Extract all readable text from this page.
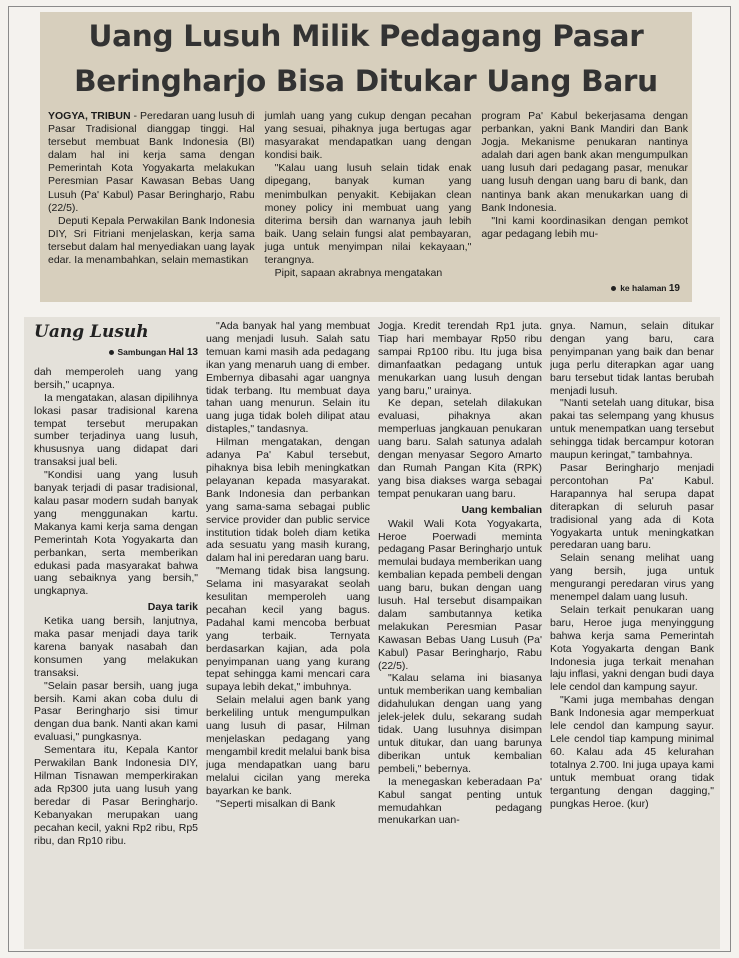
Uang Lusuh Milik Pedagang Pasar
Beringharjo Bisa Ditukar Uang Baru

YOGYA, TRIBUN - Peredaran uang lusuh di Pasar Tradisional dianggap tinggi. Hal tersebut membuat Bank Indonesia (BI) dalam hal ini kerja sama dengan Pemerintah Kota Yogyakarta melakukan Peresmian Pasar Kawasan Bebas Uang Lusuh (Pa' Kabul) Pasar Beringharjo, Rabu (22/5).

Deputi Kepala Perwakilan Bank Indonesia DIY, Sri Fitriani menjelaskan, kerja sama tersebut dalam hal menyediakan uang layak edar. Ia menambahkan, selain memastikan

jumlah uang yang cukup dengan pecahan yang sesuai, pihaknya juga bertugas agar masyarakat mendapatkan uang dengan kondisi baik.

"Kalau uang lusuh selain tidak enak dipegang, banyak kuman yang menimbulkan penyakit. Kebijakan clean money policy ini membuat uang yang diterima bersih dan warnanya jauh lebih baik. Uang selain fungsi alat pembayaran, juga untuk menyimpan nilai kekayaan," terangnya.

Pipit, sapaan akrabnya mengatakan

program Pa' Kabul bekerjasama dengan perbankan, yakni Bank Mandiri dan Bank Jogja. Mekanisme penukaran nantinya adalah dari agen bank akan mengumpulkan uang lusuh dari pedagang pasar, menukar uang lusuh dengan uang baru di bank, dan nantinya bank akan menukarkan uang di Bank Indonesia.

"Ini kami koordinasikan dengan pemkot agar pedagang lebih mu-

ke halaman 19
Uang Lusuh
Sambungan Hal 13

dah memperoleh uang yang bersih," ucapnya.

Ia mengatakan, alasan dipilihnya lokasi pasar tradisional karena tempat tersebut merupakan sumber terjadinya uang lusuh, khususnya uang didapat dari transaksi jual beli.

"Kondisi uang yang lusuh banyak terjadi di pasar tradisional, kalau pasar modern sudah banyak yang menggunakan kartu. Makanya kami kerja sama dengan Pemerintah Kota Yogyakarta dan perbankan, serta memberikan edukasi pada masyarakat bahwa uang sebaiknya yang bersih," ungkapnya.

Daya tarik

Ketika uang bersih, lanjutnya, maka pasar menjadi daya tarik karena banyak nasabah dan konsumen yang melakukan transaksi.

"Selain pasar bersih, uang juga bersih. Kami akan coba dulu di Pasar Beringharjo sisi timur dengan dua bank. Nanti akan kami evaluasi," pungkasnya.

Sementara itu, Kepala Kantor Perwakilan Bank Indonesia DIY, Hilman Tisnawan memperkirakan ada Rp300 juta uang lusuh yang beredar di Pasar Beringharjo. Kebanyakan merupakan uang pecahan kecil, yakni Rp2 ribu, Rp5 ribu, dan Rp10 ribu.

"Ada banyak hal yang membuat uang menjadi lusuh. Salah satu temuan kami masih ada pedagang ikan yang menaruh uang di ember. Embernya dibasahi agar uangnya tidak terbang. Itu membuat daya tahan uang menurun. Selain itu uang juga tidak boleh dilipat atau distaples," tandasnya.

Hilman mengatakan, dengan adanya Pa' Kabul tersebut, pihaknya bisa lebih meningkatkan pelayanan kepada masyarakat. Bank Indonesia dan perbankan yang sama-sama sebagai public service provider dan public service institution tidak boleh diam ketika ada sesuatu yang masih kurang, dalam hal ini peredaran uang baru.

"Memang tidak bisa langsung. Selama ini masyarakat seolah kesulitan memperoleh uang pecahan kecil yang bagus. Padahal kami mencoba berbuat yang terbaik. Ternyata berdasarkan kajian, ada pola penyimpanan uang yang kurang tepat sehingga kami mencari cara supaya lebih dekat," imbuhnya.

Selain melalui agen bank yang berkeliling untuk mengumpulkan uang lusuh di pasar, Hilman menjelaskan pedagang yang mengambil kredit melalui bank bisa juga mendapatkan uang baru melalui cicilan yang mereka bayarkan ke bank.

"Seperti misalkan di Bank

Jogja. Kredit terendah Rp1 juta. Tiap hari membayar Rp50 ribu sampai Rp100 ribu. Itu juga bisa dimanfaatkan pedagang untuk menukarkan uang lusuh dengan yang baru," urainya.

Ke depan, setelah dilakukan evaluasi, pihaknya akan memperluas jangkauan penukaran uang baru. Salah satunya adalah dengan menyasar Segoro Amarto dan Rumah Pangan Kita (RPK) yang bisa diakses warga sebagai tempat penukaran uang baru.

Uang kembalian

Wakil Wali Kota Yogyakarta, Heroe Poerwadi meminta pedagang Pasar Beringharjo untuk memulai budaya memberikan uang kembalian kepada pembeli dengan uang baru, bukan dengan uang lusuh. Hal tersebut disampaikan dalam sambutannya ketika melakukan Peresmian Pasar Kawasan Bebas Uang Lusuh (Pa' Kabul) Pasar Beringharjo, Rabu (22/5).

"Kalau selama ini biasanya untuk memberikan uang kembalian didahulukan dengan uang yang jelek-jelek dulu, sekarang sudah tidak. Uang lusuhnya disimpan untuk ditukar, dan uang barunya diberikan untuk kembalian pembeli," bebernya.

Ia menegaskan keberadaan Pa' Kabul sangat penting untuk memudahkan pedagang menukarkan uan-

gnya. Namun, selain ditukar dengan yang baru, cara penyimpanan yang baik dan benar juga perlu diterapkan agar uang baru tersebut tidak lantas berubah menjadi lusuh.

"Nanti setelah uang ditukar, bisa pakai tas selempang yang khusus untuk menempatkan uang tersebut sehingga tidak bercampur kotoran maupun keringat," tambahnya.

Pasar Beringharjo menjadi percontohan Pa' Kabul. Harapannya hal serupa dapat diterapkan di seluruh pasar tradisional yang ada di Kota Yogyakarta untuk meningkatkan peredaran uang baru.

Selain senang melihat uang yang bersih, juga untuk mengurangi peredaran virus yang menempel dalam uang lusuh.

Selain terkait penukaran uang baru, Heroe juga menyinggung bahwa kerja sama Pemerintah Kota Yogyakarta dengan Bank Indonesia juga terkait menahan laju inflasi, yakni dengan budi daya lele cendol dan kampung sayur.

"Kami juga membahas dengan Bank Indonesia agar memperkuat lele cendol dan kampung sayur. Lele cendol tiap kampung minimal 60. Kalau ada 45 kelurahan totalnya 2.700. Ini juga upaya kami untuk membuat orang tidak tergantung dengan dagging," pungkas Heroe. (kur)
